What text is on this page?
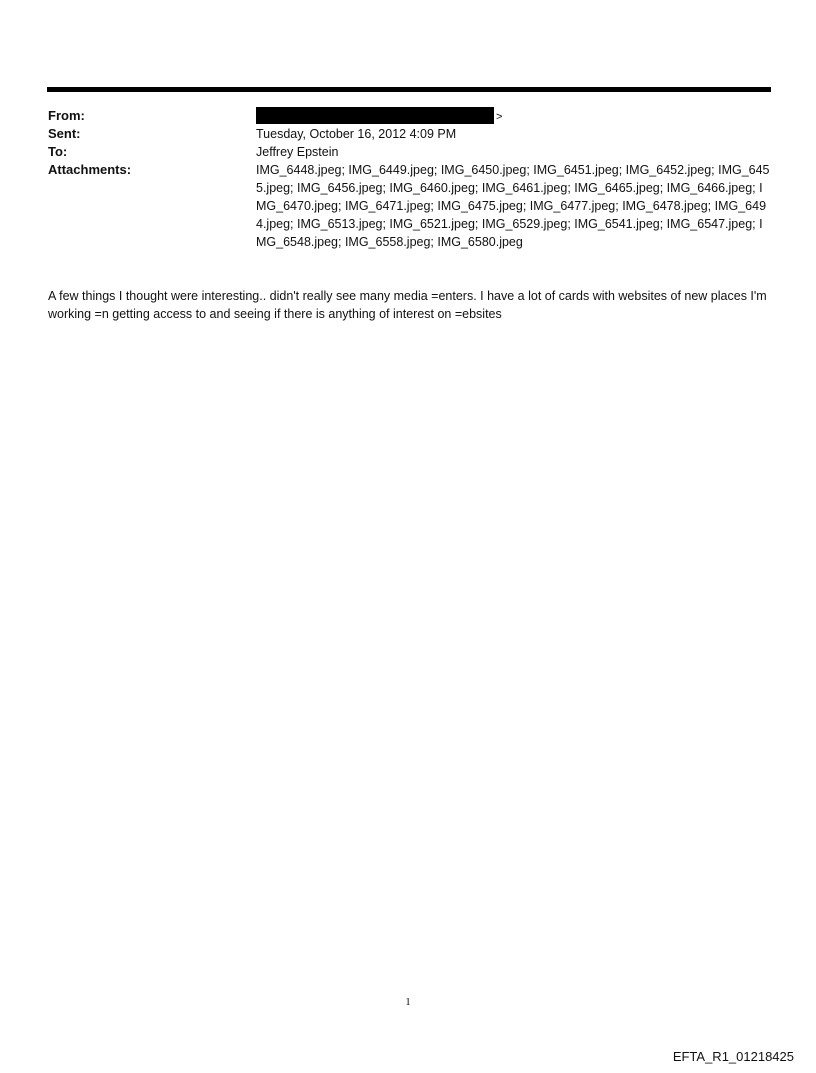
From:	>
Sent:	Tuesday, October 16, 2012 4:09 PM
To:	Jeffrey Epstein
Attachments:	IMG_6448.jpeg; IMG_6449.jpeg; IMG_6450.jpeg; IMG_6451.jpeg; IMG_6452.jpeg; IMG_6455.jpeg; IMG_6456.jpeg; IMG_6460.jpeg; IMG_6461.jpeg; IMG_6465.jpeg; IMG_6466.jpeg; IMG_6470.jpeg; IMG_6471.jpeg; IMG_6475.jpeg; IMG_6477.jpeg; IMG_6478.jpeg; IMG_6494.jpeg; IMG_6513.jpeg; IMG_6521.jpeg; IMG_6529.jpeg; IMG_6541.jpeg; IMG_6547.jpeg; IMG_6548.jpeg; IMG_6558.jpeg; IMG_6580.jpeg
A few things I thought were interesting.. didn't really see many media =enters. I have a lot of cards with websites of new places I'm working =n getting access to and seeing if there is anything of interest on =ebsites
1
EFTA_R1_01218425
